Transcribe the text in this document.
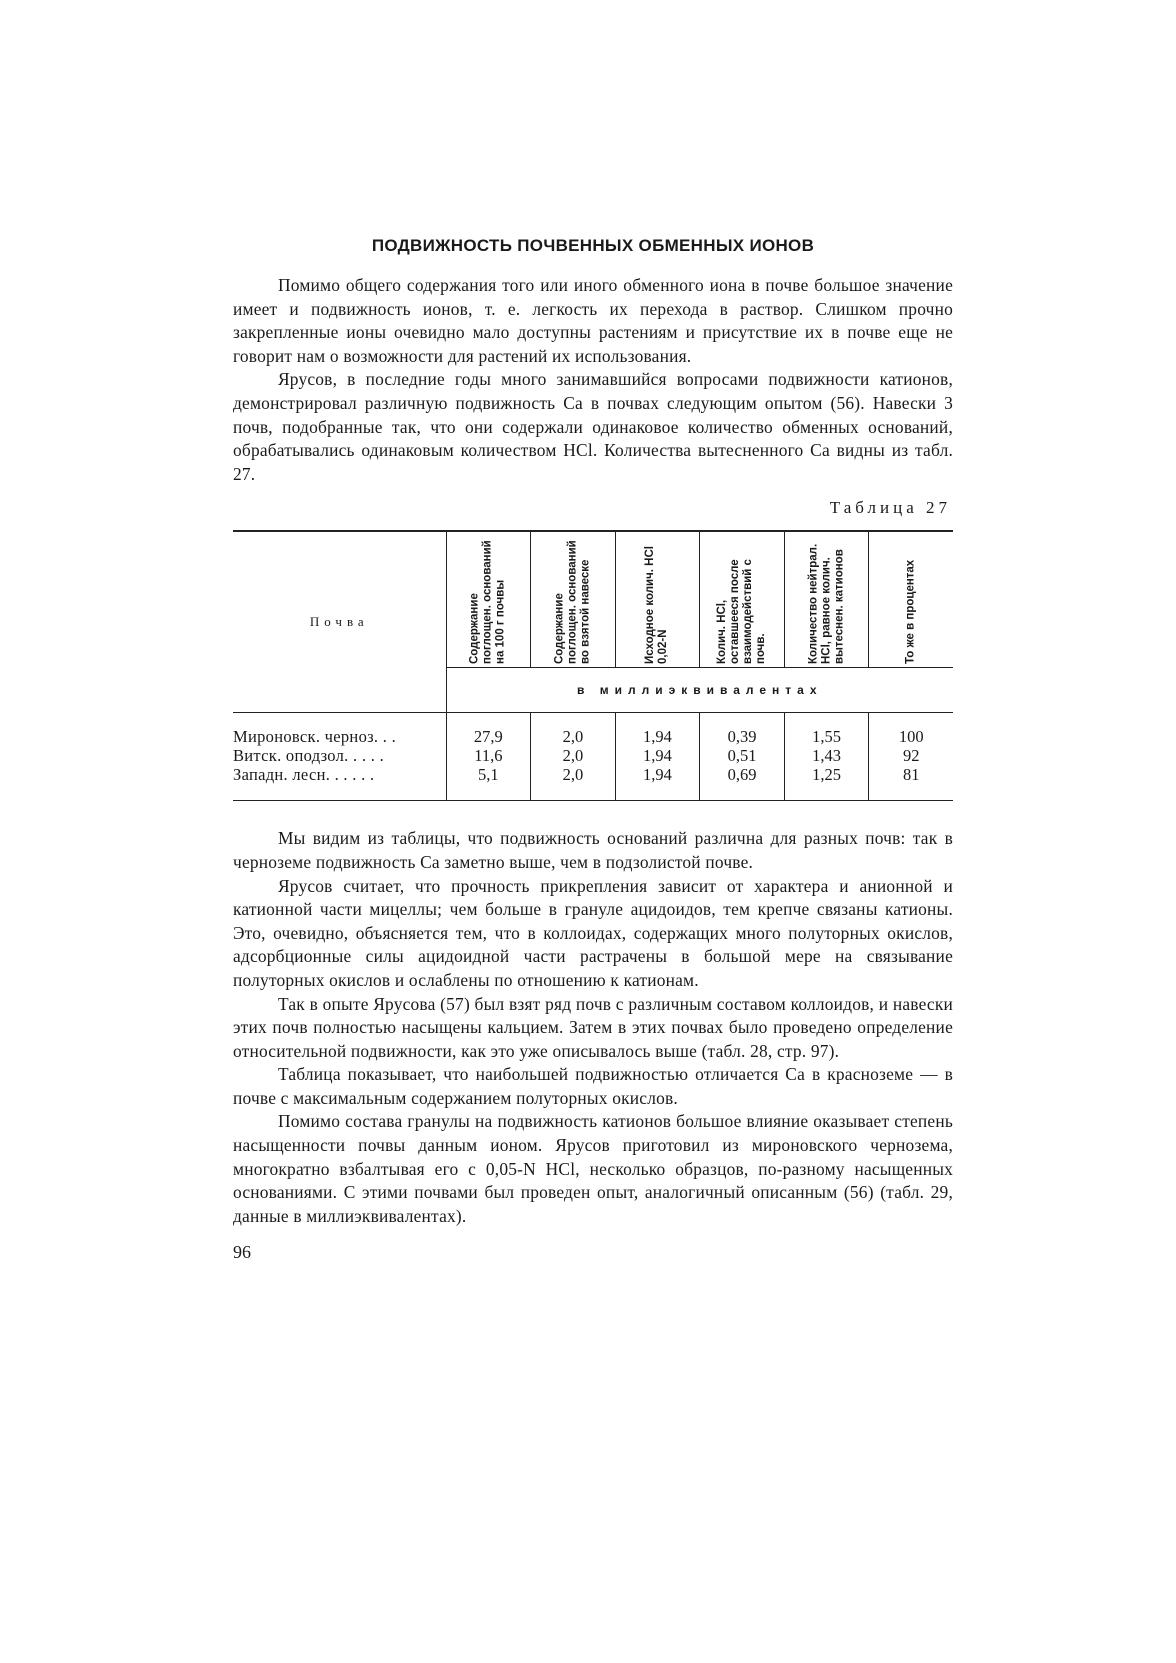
ПОДВИЖНОСТЬ ПОЧВЕННЫХ ОБМЕННЫХ ИОНОВ

Помимо общего содержания того или иного обменного иона в почве большое значение имеет и подвижность ионов, т. е. легкость их перехода в раствор. Слишком прочно закрепленные ионы очевидно мало доступны растениям и присутствие их в почве еще не говорит нам о возможности для растений их использования.

Ярусов, в последние годы много занимавшийся вопросами подвижности катионов, демонстрировал различную подвижность Ca в почвах следующим опытом (56). Навески 3 почв, подобранные так, что они содержали одинаковое количество обменных оснований, обрабатывались одинаковым количеством HCl. Количества вытесненного Ca видны из табл. 27.

Таблица 27
Почва	Содержание поглощен. оснований на 100 г почвы	Содержание поглощен. оснований во взятой навеске	Исходное колич. HCl 0,02-N	Колич. HCl, оставшееся после взаимодействий с почв.	Количество нейтрал. HCl, равное колич. вытеснен. катионов	То же в процентах

	в миллиэквивалентах					

Мироновск. черноз. . .	27,9	2,0	1,94	0,39	1,55	100
Витск. оподзол. . . . .	11,6	2,0	1,94	0,51	1,43	92
Западн. лесн. . . . . .	5,1	2,0	1,94	0,69	1,25	81

Мы видим из таблицы, что подвижность оснований различна для разных почв: так в черноземе подвижность Ca заметно выше, чем в подзолистой почве.

Ярусов считает, что прочность прикрепления зависит от характера и анионной и катионной части мицеллы; чем больше в грануле ацидоидов, тем крепче связаны катионы. Это, очевидно, объясняется тем, что в коллоидах, содержащих много полуторных окислов, адсорбционные силы ацидоидной части растрачены в большой мере на связывание полуторных окислов и ослаблены по отношению к катионам.

Так в опыте Ярусова (57) был взят ряд почв с различным составом коллоидов, и навески этих почв полностью насыщены кальцием. Затем в этих почвах было проведено определение относительной подвижности, как это уже описывалось выше (табл. 28, стр. 97).

Таблица показывает, что наибольшей подвижностью отличается Ca в красноземе — в почве с максимальным содержанием полуторных окислов.

Помимо состава гранулы на подвижность катионов большое влияние оказывает степень насыщенности почвы данным ионом. Ярусов приготовил из мироновского чернозема, многократно взбалтывая его с 0,05-N HCl, несколько образцов, по-разному насыщенных основаниями. С этими почвами был проведен опыт, аналогичный описанным (56) (табл. 29, данные в миллиэквивалентах).

96
